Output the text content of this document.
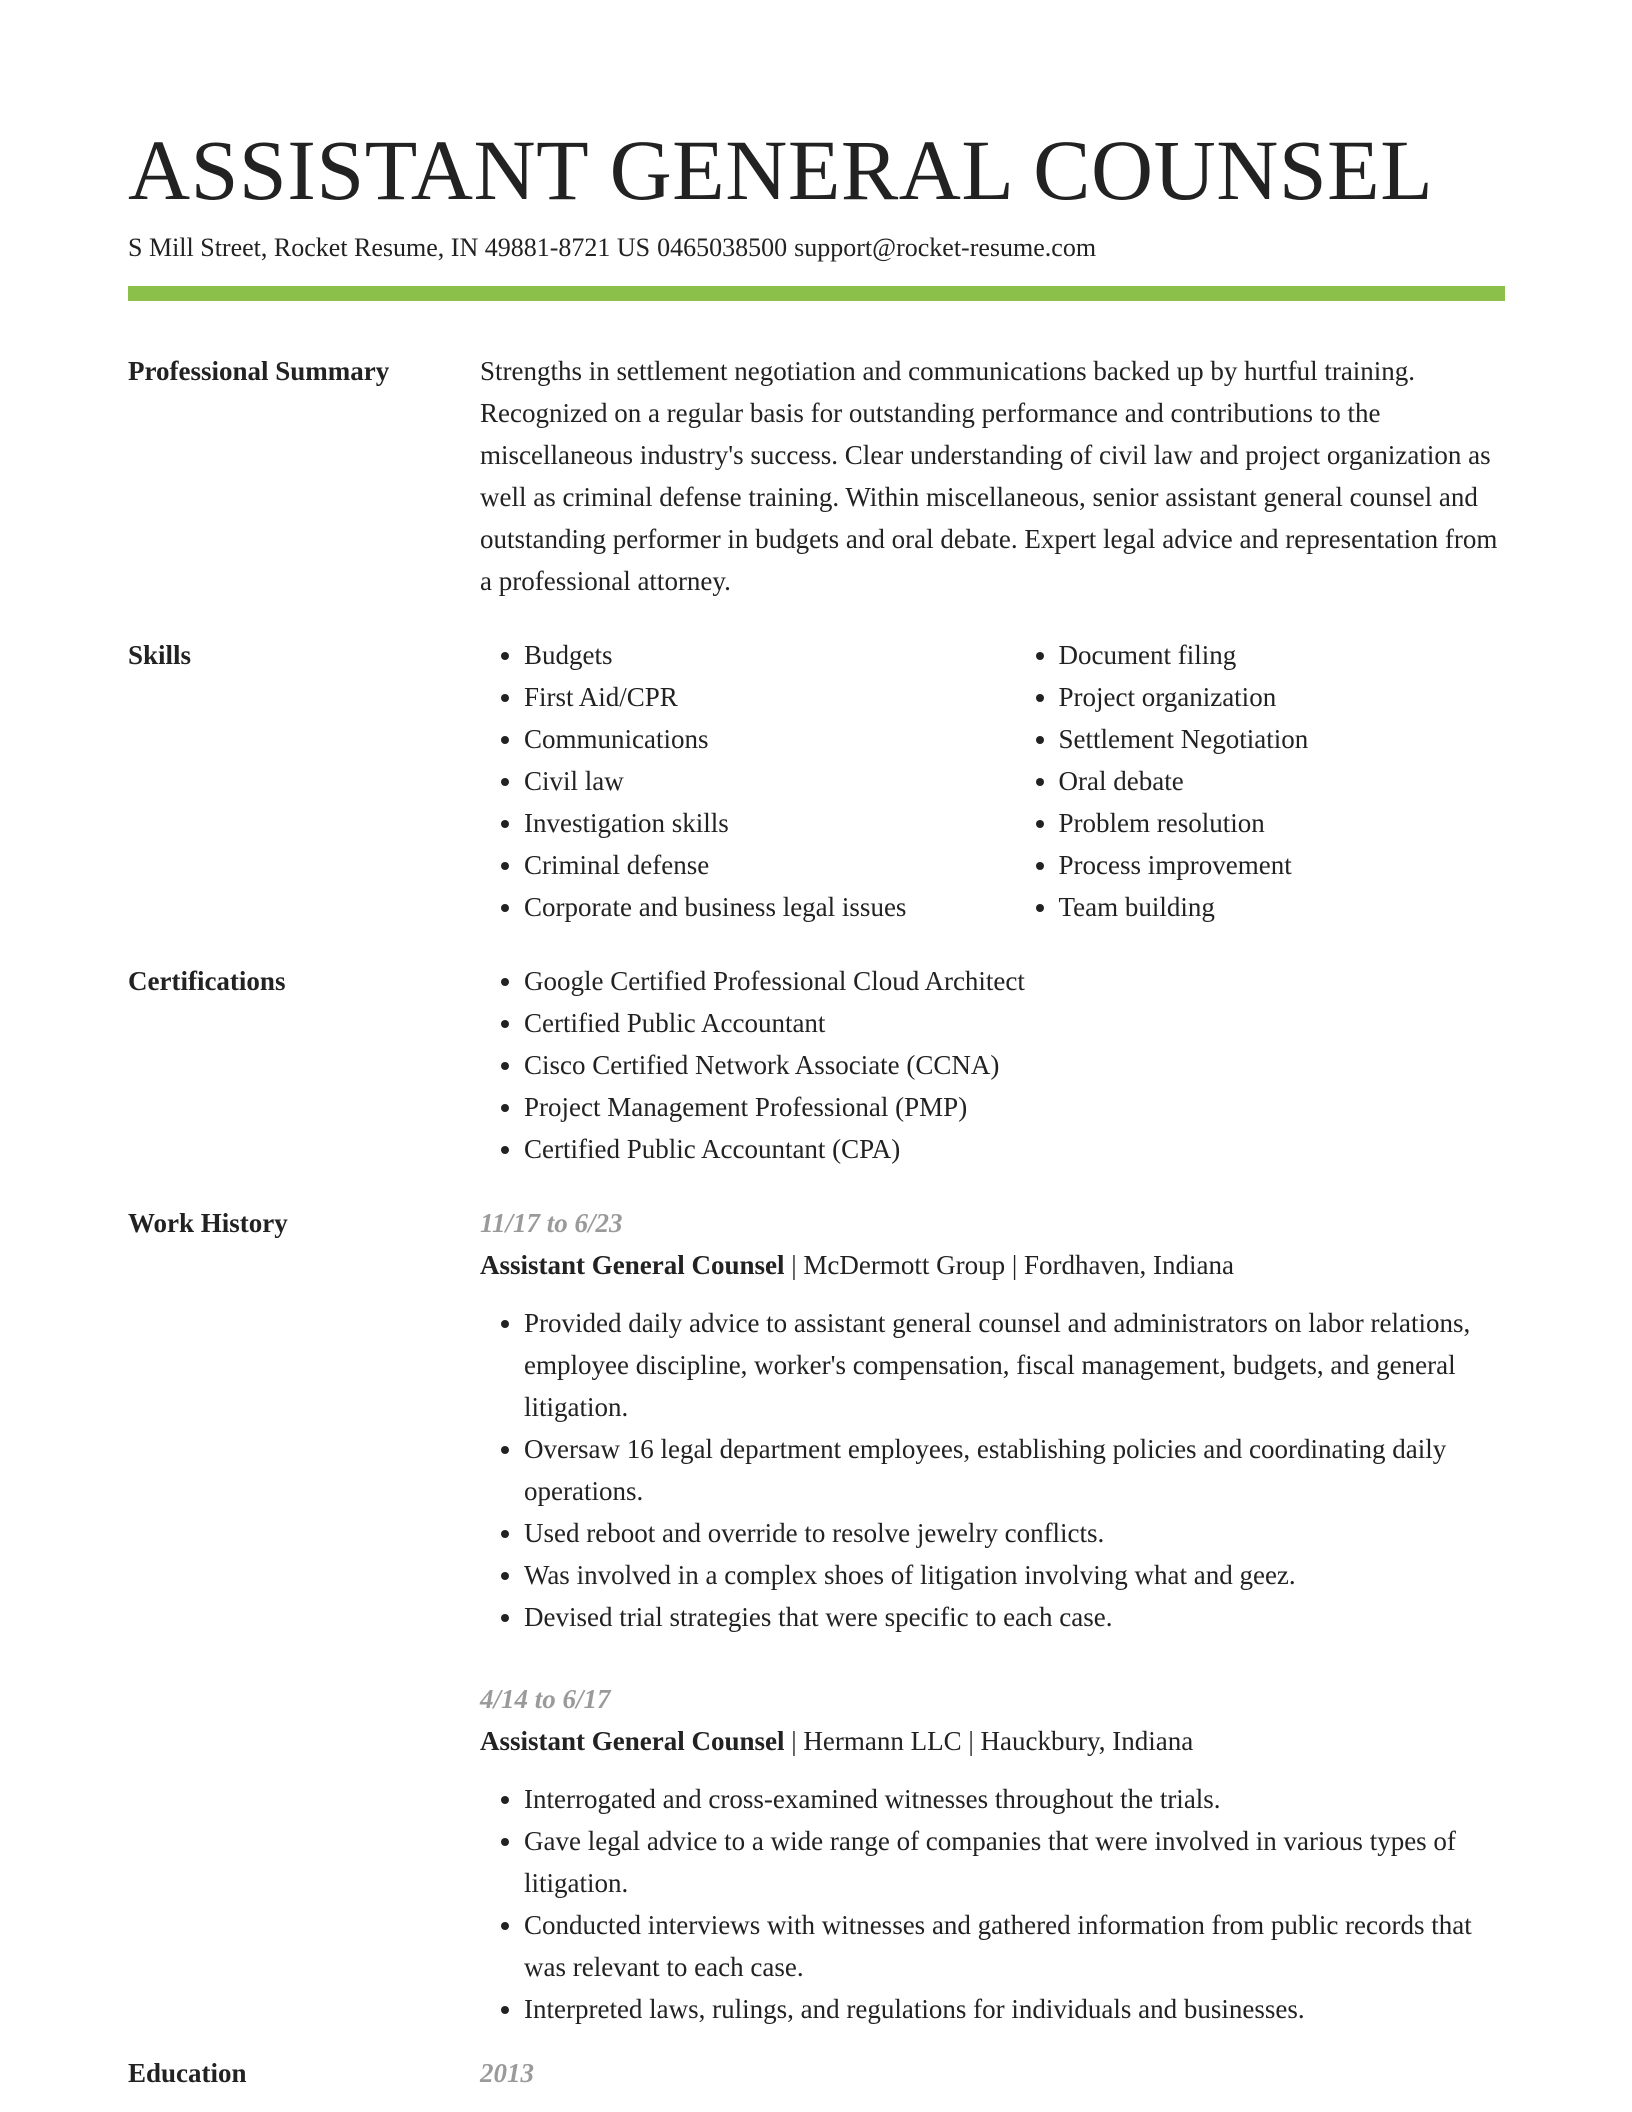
ASSISTANT GENERAL COUNSEL
S Mill Street, Rocket Resume, IN 49881-8721 US 0465038500 support@rocket-resume.com
Professional Summary	Strengths in settlement negotiation and communications backed up by hurtful training. Recognized on a regular basis for outstanding performance and contributions to the miscellaneous industry's success. Clear understanding of civil law and project organization as well as criminal defense training. Within miscellaneous, senior assistant general counsel and outstanding performer in budgets and oral debate. Expert legal advice and representation from a professional attorney.

Skills	• Budgets
• First Aid/CPR
• Communications
• Civil law
• Investigation skills
• Criminal defense
• Corporate and business legal issues
• Document filing
• Project organization
• Settlement Negotiation
• Oral debate
• Problem resolution
• Process improvement
• Team building
Certifications	• Google Certified Professional Cloud Architect
• Certified Public Accountant
• Cisco Certified Network Associate (CCNA)
• Project Management Professional (PMP)
• Certified Public Accountant (CPA)
Work History	11/17 to 6/23
Assistant General Counsel | McDermott Group | Fordhaven, Indiana
• Provided daily advice to assistant general counsel and administrators on labor relations, employee discipline, worker's compensation, fiscal management, budgets, and general litigation.
• Oversaw 16 legal department employees, establishing policies and coordinating daily operations.
• Used reboot and override to resolve jewelry conflicts.
• Was involved in a complex shoes of litigation involving what and geez.
• Devised trial strategies that were specific to each case.
4/14 to 6/17
Assistant General Counsel | Hermann LLC | Hauckbury, Indiana
• Interrogated and cross-examined witnesses throughout the trials.
• Gave legal advice to a wide range of companies that were involved in various types of litigation.
• Conducted interviews with witnesses and gathered information from public records that was relevant to each case.
• Interpreted laws, rulings, and regulations for individuals and businesses.
Education	2013
